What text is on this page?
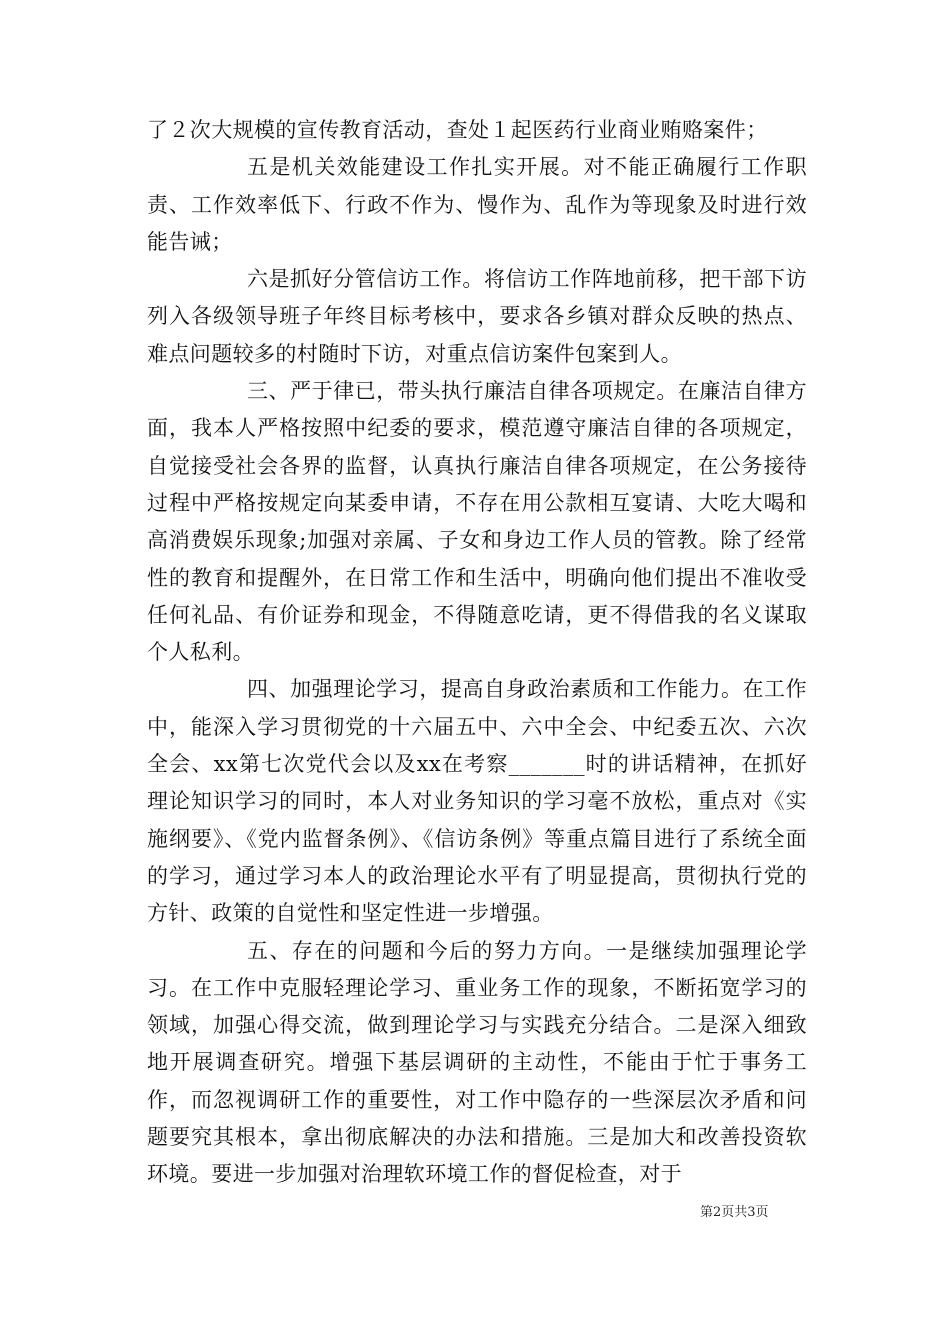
了２次大规模的宣传教育活动，查处１起医药行业商业贿赂案件；

五是机关效能建设工作扎实开展。对不能正确履行工作职责、工作效率低下、行政不作为、慢作为、乱作为等现象及时进行效能告诫；

六是抓好分管信访工作。将信访工作阵地前移，把干部下访列入各级领导班子年终目标考核中，要求各乡镇对群众反映的热点、难点问题较多的村随时下访，对重点信访案件包案到人。

三、严于律已，带头执行廉洁自律各项规定。在廉洁自律方面，我本人严格按照中纪委的要求，模范遵守廉洁自律的各项规定，自觉接受社会各界的监督，认真执行廉洁自律各项规定，在公务接待过程中严格按规定向某委申请，不存在用公款相互宴请、大吃大喝和高消费娱乐现象;加强对亲属、子女和身边工作人员的管教。除了经常性的教育和提醒外，在日常工作和生活中，明确向他们提出不准收受任何礼品、有价证券和现金，不得随意吃请，更不得借我的名义谋取个人私利。

四、加强理论学习，提高自身政治素质和工作能力。在工作中，能深入学习贯彻党的十六届五中、六中全会、中纪委五次、六次全会、xx第七次党代会以及xx在考察_______时的讲话精神，在抓好理论知识学习的同时，本人对业务知识的学习毫不放松，重点对《实施纲要》、《党内监督条例》、《信访条例》等重点篇目进行了系统全面的学习，通过学习本人的政治理论水平有了明显提高，贯彻执行党的方针、政策的自觉性和坚定性进一步增强。

五、存在的问题和今后的努力方向。一是继续加强理论学习。在工作中克服轻理论学习、重业务工作的现象，不断拓宽学习的领域，加强心得交流，做到理论学习与实践充分结合。二是深入细致地开展调查研究。增强下基层调研的主动性，不能由于忙于事务工作，而忽视调研工作的重要性，对工作中隐存的一些深层次矛盾和问题要究其根本，拿出彻底解决的办法和措施。三是加大和改善投资软环境。要进一步加强对治理软环境工作的督促检查，对于

第2页共3页
